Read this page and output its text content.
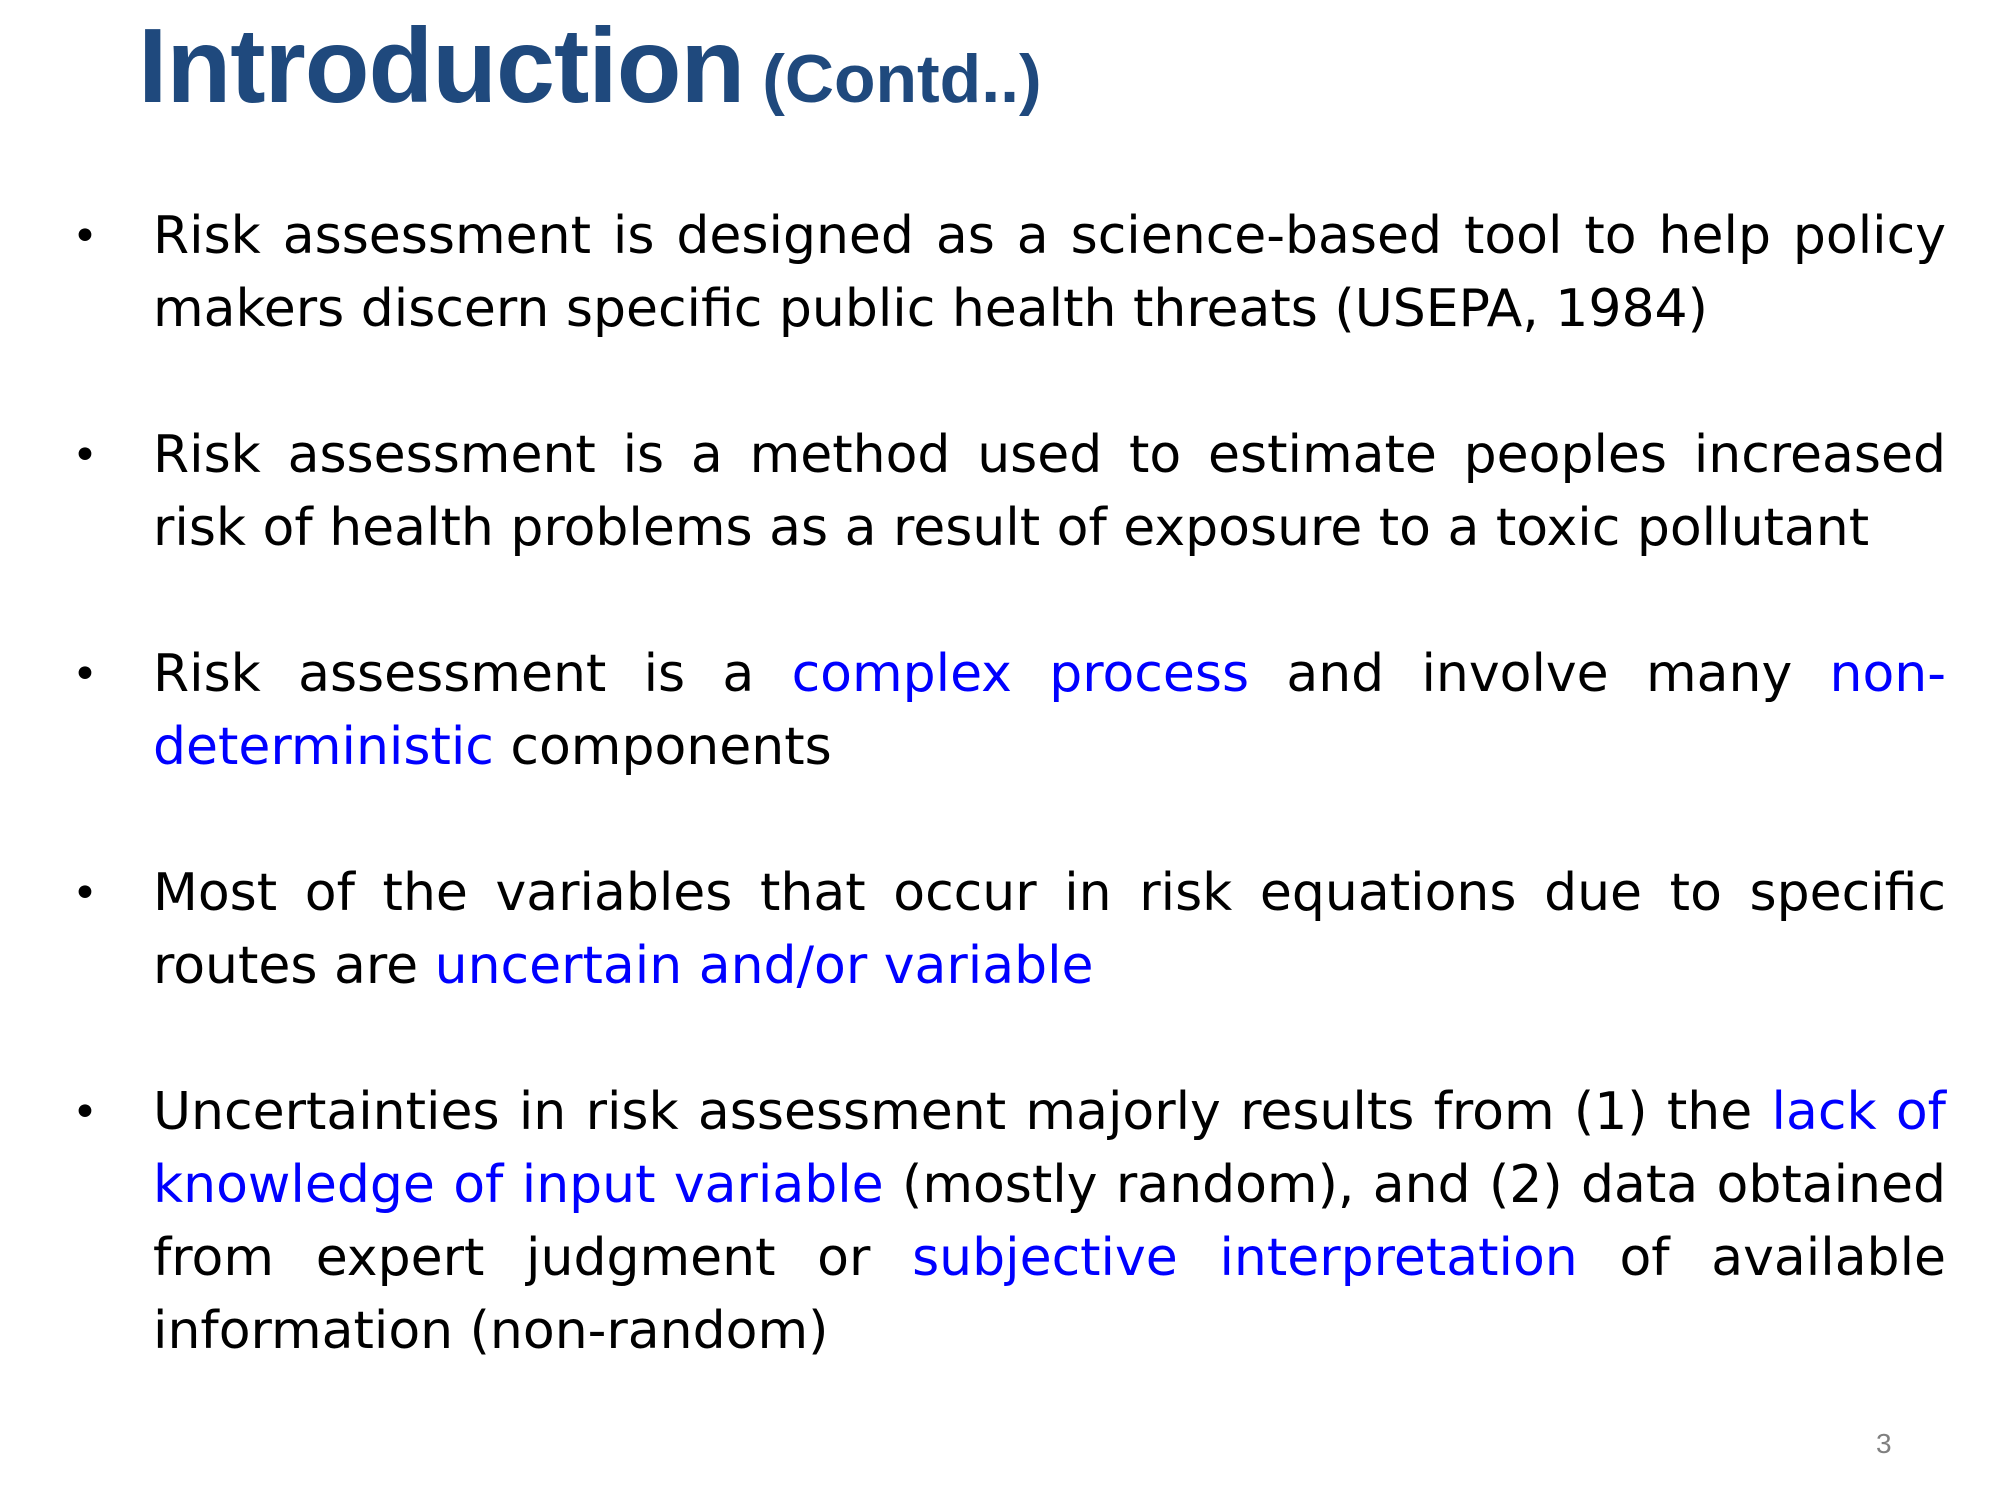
Introduction (Contd..)
• Risk assessment is designed as a science-based tool to help policy makers discern specific public health threats (USEPA, 1984)

• Risk assessment is a method used to estimate peoples increased risk of health problems as a result of exposure to a toxic pollutant

• Risk assessment is a complex process and involve many non-deterministic components

• Most of the variables that occur in risk equations due to specific routes are uncertain and/or variable

• Uncertainties in risk assessment majorly results from (1) the lack of knowledge of input variable (mostly random), and (2) data obtained from expert judgment or subjective interpretation of available information (non-random)

3
